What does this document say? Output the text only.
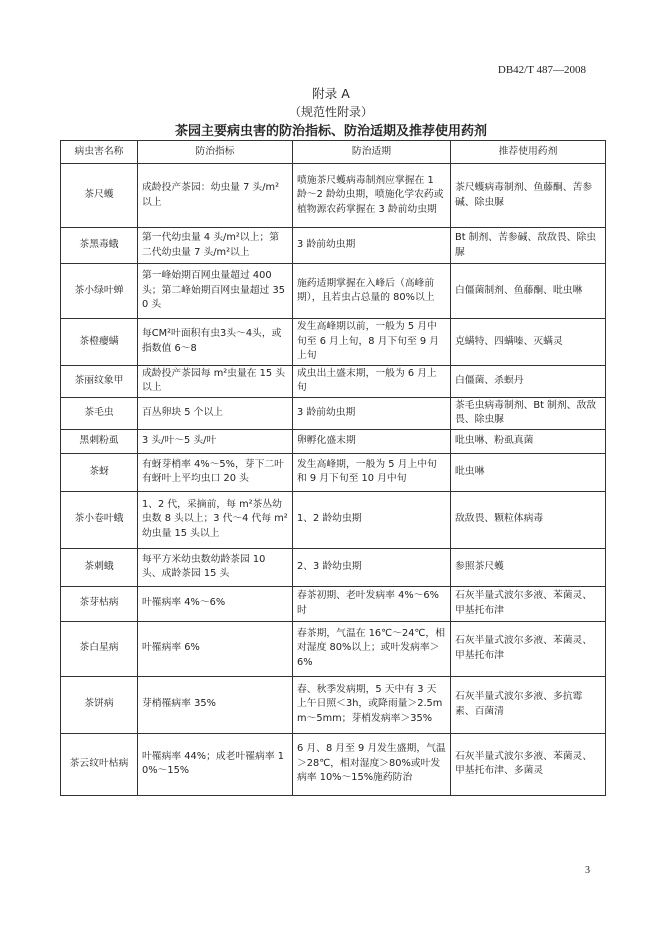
DB42/T 487—2008
附录 A
（规范性附录）
茶园主要病虫害的防治指标、防治适期及推荐使用药剂
病虫害名称	防治指标	防治适期	推荐使用药剂
茶尺蠖	成龄投产茶园：幼虫量 7 头/m²以上	喷施茶尺蠖病毒制剂应掌握在 1 龄～2 龄幼虫期，喷施化学农药或植物源农药掌握在 3 龄前幼虫期	茶尺蠖病毒制剂、鱼藤酮、苦参碱、除虫脲
茶黑毒蛾	第一代幼虫量 4 头/m²以上；第二代幼虫量 7 头/m²以上	3 龄前幼虫期	Bt 制剂、苦参碱、敌敌畏、除虫脲
茶小绿叶蝉	第一峰始期百网虫量超过 400 头；第二峰始期百网虫量超过 350 头	施药适期掌握在入峰后（高峰前期），且若虫占总量的 80%以上	白僵菌制剂、鱼藤酮、吡虫啉
茶橙瘿螨	每CM²叶面积有虫3头～4头，或指数值 6～8	发生高峰期以前，一般为 5 月中旬至 6 月上旬，8 月下旬至 9 月上旬	克螨特、四螨嗪、灭螨灵
茶丽纹象甲	成龄投产茶园每 m²虫量在 15 头以上	成虫出土盛末期，一般为 6 月上旬	白僵菌、杀螟丹
茶毛虫	百丛卵块 5 个以上	3 龄前幼虫期	茶毛虫病毒制剂、Bt 制剂、敌敌畏、除虫脲
黑刺粉虱	3 头/叶～5 头/叶	卵孵化盛末期	吡虫啉、粉虱真菌
茶蚜	有蚜芽梢率 4%～5%，芽下二叶有蚜叶上平均虫口 20 头	发生高峰期，一般为 5 月上中旬和 9 月下旬至 10 月中旬	吡虫啉
茶小卷叶蛾	1、2 代，采摘前，每 m²茶丛幼虫数 8 头以上；3 代～4 代每 m²幼虫量 15 头以上	1、2 龄幼虫期	敌敌畏、颗粒体病毒
茶刺蛾	每平方米幼虫数幼龄茶园 10 头、成龄茶园 15 头	2、3 龄幼虫期	参照茶尺蠖
茶芽枯病	叶罹病率 4%～6%	春茶初期、老叶发病率 4%～6%时	石灰半量式波尔多液、苯菌灵、甲基托布津
茶白星病	叶罹病率 6%	春茶期，气温在 16℃～24℃，相对湿度 80%以上；或叶发病率＞6%	石灰半量式波尔多液、苯菌灵、甲基托布津
茶饼病	芽梢罹病率 35%	春、秋季发病期，5 天中有 3 天上午日照＜3h，或降雨量＞2.5mm～5mm；芽梢发病率＞35%	石灰半量式波尔多液、多抗霉素、百菌清
茶云纹叶枯病	叶罹病率 44%；成老叶罹病率 10%～15%	6 月、8 月至 9 月发生盛期，气温＞28℃，相对湿度＞80%或叶发病率 10%～15%施药防治	石灰半量式波尔多液、苯菌灵、甲基托布津、多菌灵
3
